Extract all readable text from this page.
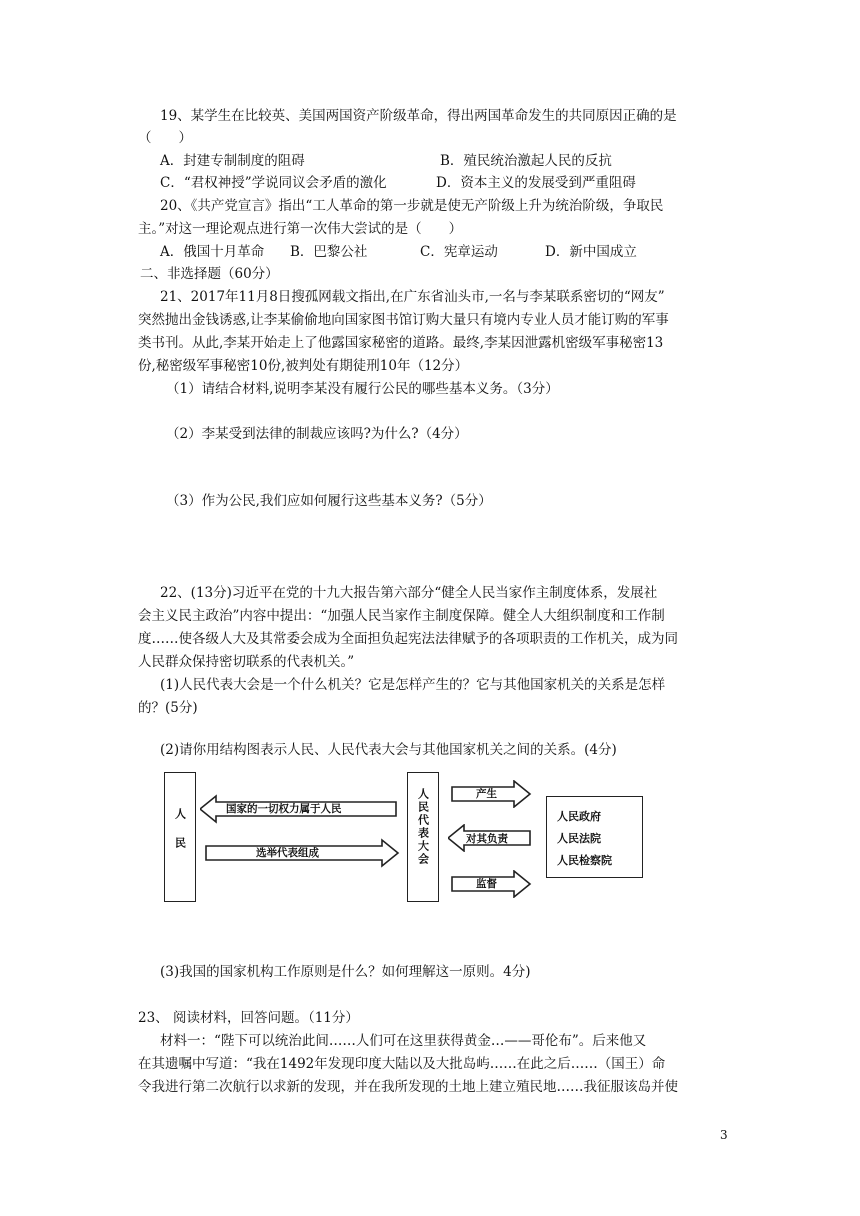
19、某学生在比较英、美国两国资产阶级革命，得出两国革命发生的共同原因正确的是
（　　）
A．封建专制制度的阻碍	B．殖民统治激起人民的反抗
C．“君权神授”学说同议会矛盾的激化	D．资本主义的发展受到严重阻碍
20、《共产党宣言》指出“工人革命的第一步就是使无产阶级上升为统治阶级，争取民
主。”对这一理论观点进行第一次伟大尝试的是（　　）
A．俄国十月革命 B．巴黎公社	C．宪章运动	D．新中国成立
二、非选择题（60分）
21、2017年11月8日搜孤网载文指出,在广东省汕头市,一名与李某联系密切的“网友”
突然抛出金钱诱惑,让李某偷偷地向国家图书馆订购大量只有境内专业人员才能订购的军事
类书刊。从此,李某开始走上了他露国家秘密的道路。最终,李某因泄露机密级军事秘密13
份,秘密级军事秘密10份,被判处有期徒刑10年（12分）
（1）请结合材料,说明李某没有履行公民的哪些基本义务。（3分）
（2）李某受到法律的制裁应该吗?为什么?（4分）
（3）作为公民,我们应如何履行这些基本义务?（5分）
22、(13分)习近平在党的十九大报告第六部分“健全人民当家作主制度体系，发展社
会主义民主政治”内容中提出：“加强人民当家作主制度保障。健全人大组织制度和工作制
度……使各级人大及其常委会成为全面担负起宪法法律赋予的各项职责的工作机关，成为同
人民群众保持密切联系的代表机关。”
(1)人民代表大会是一个什么机关？它是怎样产生的？它与其他国家机关的关系是怎样
的？(5分)
(2)请你用结构图表示人民、人民代表大会与其他国家机关之间的关系。(4分)
人民	人民代表大会	人民政府
人民法院
人民检察院
国家的一切权力属于人民
选举代表组成
产生
对其负责
监督
(3)我国的国家机构工作原则是什么？如何理解这一原则。4分)
23、 阅读材料，回答问题。（11分）
材料一：“陛下可以统治此间……人们可在这里获得黄金…——哥伦布”。后来他又
在其遗嘱中写道：“我在1492年发现印度大陆以及大批岛屿……在此之后……（国王）命
令我进行第二次航行以求新的发现，并在我所发现的土地上建立殖民地……我征服该岛并使
3
